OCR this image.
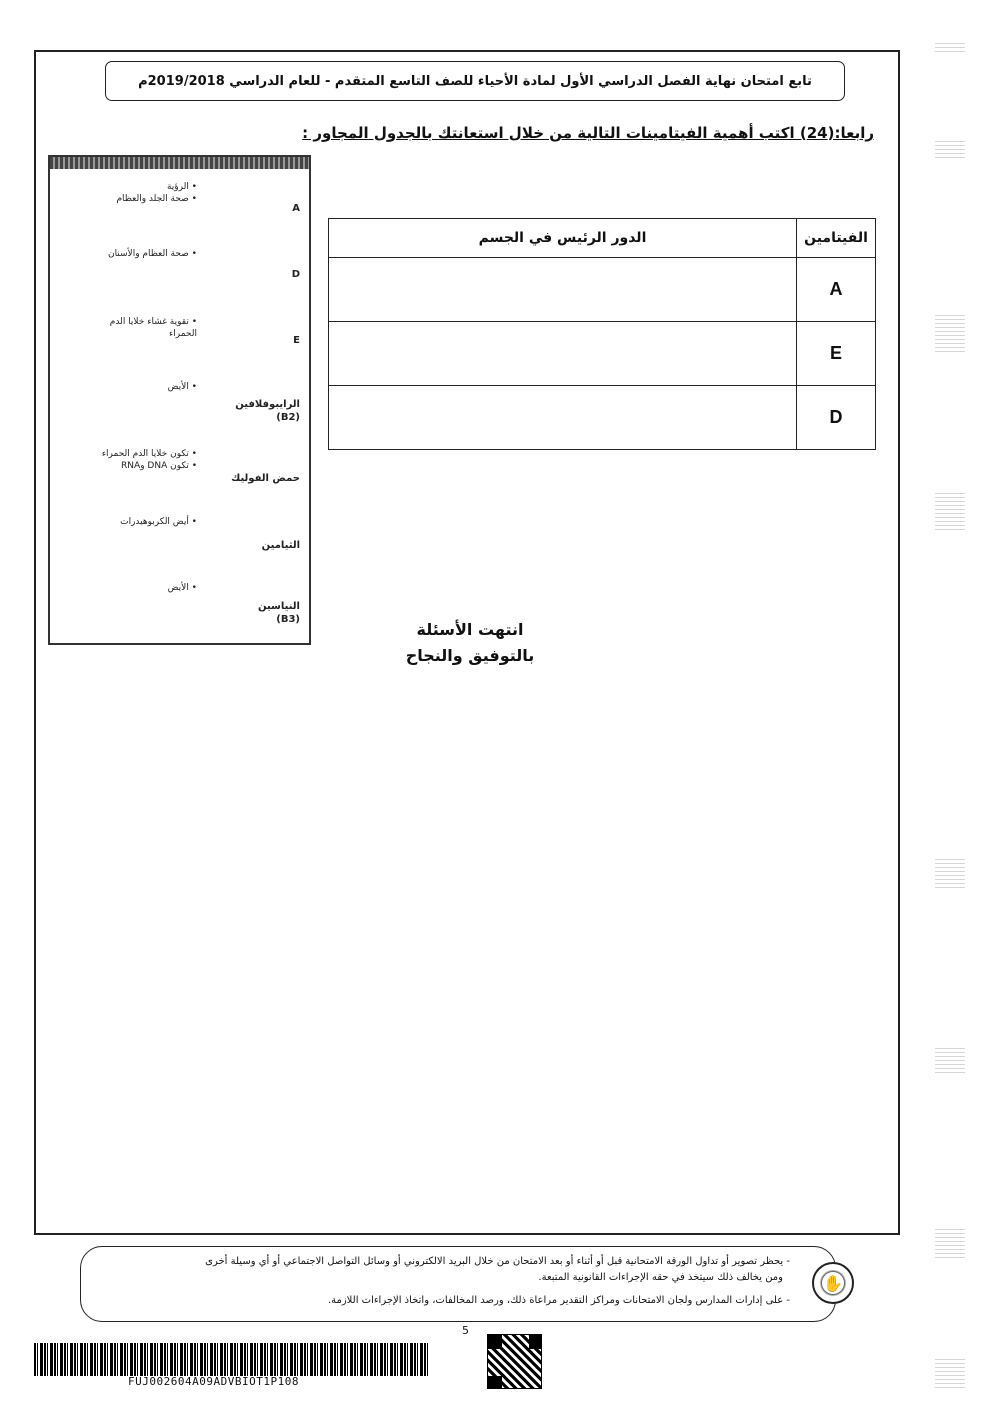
تابع امتحان نهاية الفصل الدراسي الأول لمادة الأحياء للصف التاسع المتقدم - للعام الدراسي 2019/2018م
رابعا:(24) اكتب أهمية الفيتامينات التالية من خلال استعانتك بالجدول المجاور :
• الرؤية
• صحة الجلد والعظام
A
• صحة العظام والأسنان
D
• تقوية غشاء خلايا الدم
الحمراء
E
• الأيض
الرايبوفلافين
(B2)
• تكون خلايا الدم الحمراء
• تكون DNA وRNA
حمض الفوليك
• أيض الكربوهيدرات
الثيامين
• الأيض
النياسين
(B3)
الدور الرئيس في الجسم	الفيتامين
	A
	E
	D
انتهت الأسئلة
بالتوفيق والنجاح
- يحظر تصوير أو تداول الورقة الامتحانية قبل أو أثناء أو بعد الامتحان من خلال البريد الالكتروني أو وسائل التواصل الاجتماعي أو أي وسيلة أخرى
ومن يخالف ذلك سيتخذ في حقه الإجراءات القانونية المتبعة.
- على إدارات المدارس ولجان الامتحانات ومراكز التقدير مراعاة ذلك، ورصد المخالفات، واتخاذ الإجراءات اللازمة.
✋
5
FUJ002604A09ADVBIOT1P108
